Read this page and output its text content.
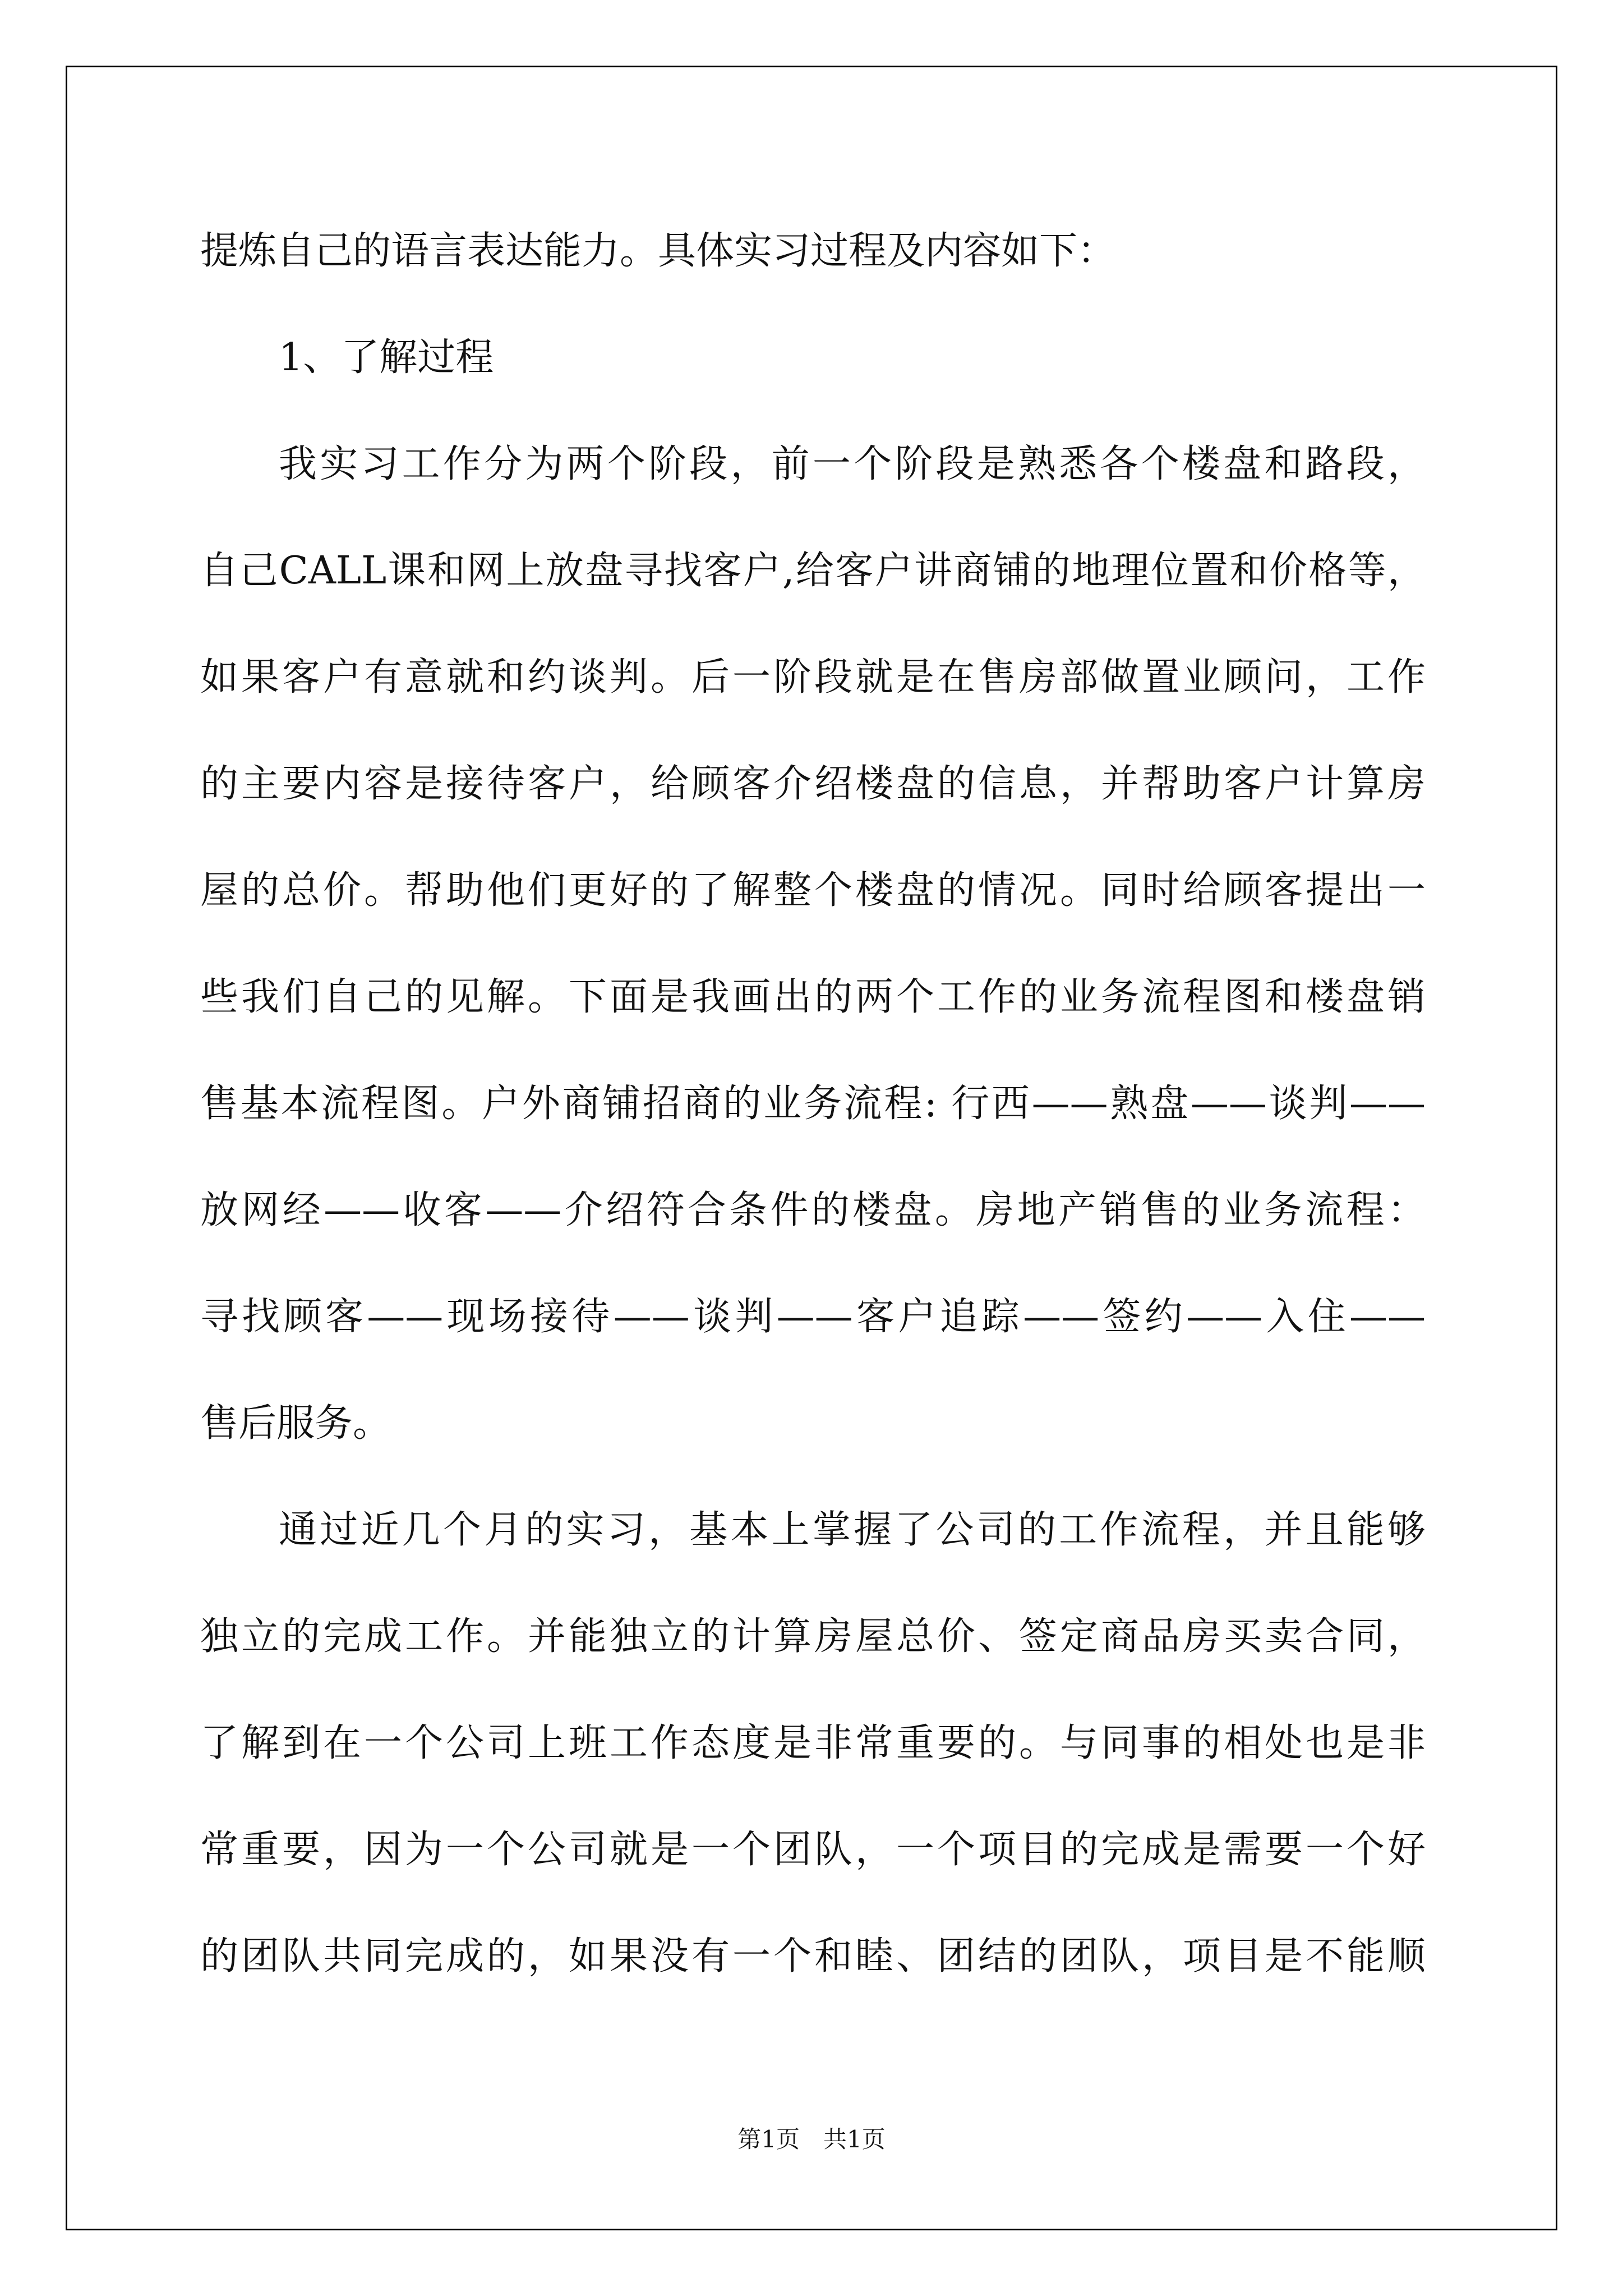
提炼自己的语言表达能力。具体实习过程及内容如下：
1、了解过程
我实习工作分为两个阶段，前一个阶段是熟悉各个楼盘和路段，
自己CALL课和网上放盘寻找客户,给客户讲商铺的地理位置和价格等，
如果客户有意就和约谈判。后一阶段就是在售房部做置业顾问，工作
的主要内容是接待客户，给顾客介绍楼盘的信息，并帮助客户计算房
屋的总价。帮助他们更好的了解整个楼盘的情况。同时给顾客提出一
些我们自己的见解。下面是我画出的两个工作的业务流程图和楼盘销
售基本流程图。户外商铺招商的业务流程: 行西——熟盘——谈判——
放网经——收客——介绍符合条件的楼盘。房地产销售的业务流程：
寻找顾客——现场接待——谈判——客户追踪——签约——入住——
售后服务。
通过近几个月的实习，基本上掌握了公司的工作流程，并且能够
独立的完成工作。并能独立的计算房屋总价、签定商品房买卖合同，
了解到在一个公司上班工作态度是非常重要的。与同事的相处也是非
常重要，因为一个公司就是一个团队，一个项目的完成是需要一个好
的团队共同完成的，如果没有一个和睦、团结的团队，项目是不能顺
第1页　共1页
